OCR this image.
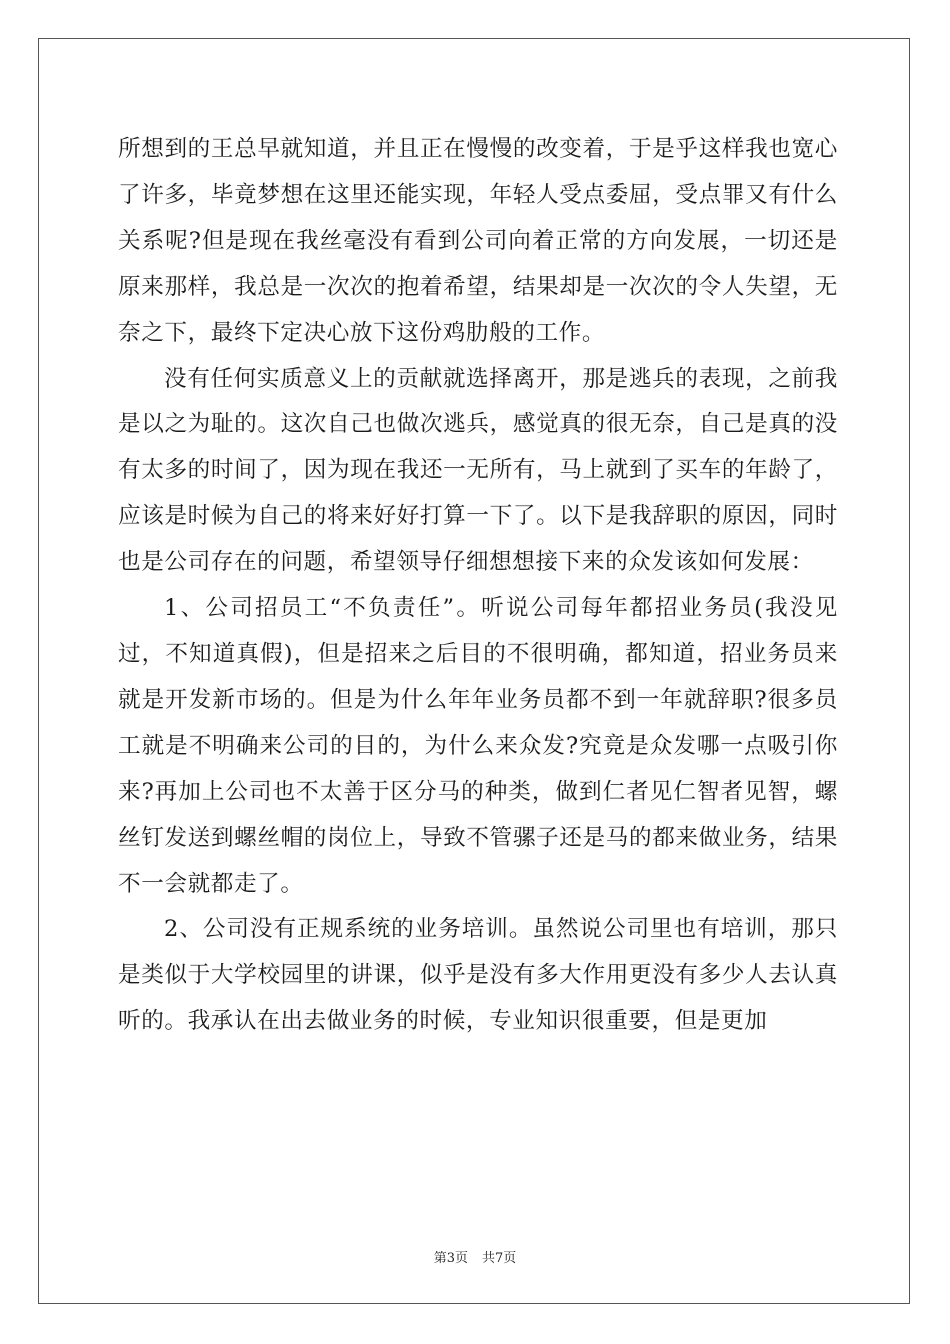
所想到的王总早就知道，并且正在慢慢的改变着，于是乎这样我也宽心了许多，毕竟梦想在这里还能实现，年轻人受点委屈，受点罪又有什么关系呢?但是现在我丝毫没有看到公司向着正常的方向发展，一切还是原来那样，我总是一次次的抱着希望，结果却是一次次的令人失望，无奈之下，最终下定决心放下这份鸡肋般的工作。

没有任何实质意义上的贡献就选择离开，那是逃兵的表现，之前我是以之为耻的。这次自己也做次逃兵，感觉真的很无奈，自己是真的没有太多的时间了，因为现在我还一无所有，马上就到了买车的年龄了，应该是时候为自己的将来好好打算一下了。以下是我辞职的原因，同时也是公司存在的问题，希望领导仔细想想接下来的众发该如何发展：

1、公司招员工“不负责任”。听说公司每年都招业务员(我没见过，不知道真假)，但是招来之后目的不很明确，都知道，招业务员来就是开发新市场的。但是为什么年年业务员都不到一年就辞职?很多员工就是不明确来公司的目的，为什么来众发?究竟是众发哪一点吸引你来?再加上公司也不太善于区分马的种类，做到仁者见仁智者见智，螺丝钉发送到螺丝帽的岗位上，导致不管骡子还是马的都来做业务，结果不一会就都走了。

2、公司没有正规系统的业务培训。虽然说公司里也有培训，那只是类似于大学校园里的讲课，似乎是没有多大作用更没有多少人去认真听的。我承认在出去做业务的时候，专业知识很重要，但是更加

第3页 共7页
